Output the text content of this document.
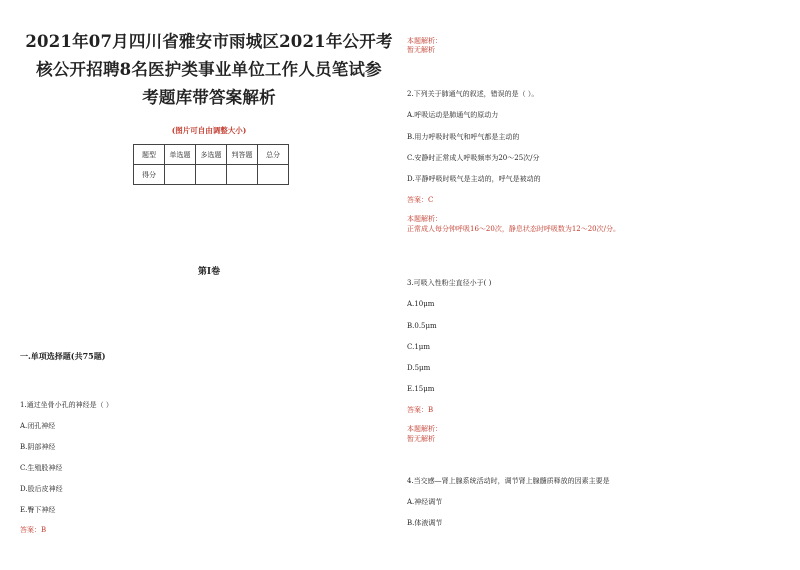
2021年07月四川省雅安市雨城区2021年公开考

核公开招聘8名医护类事业单位工作人员笔试参

考题库带答案解析

(图片可自由调整大小)
题型	单选题	多选题	判答题	总分
得分				
第I卷
一.单项选择题(共75题)
1.通过坐骨小孔的神经是（ ）
A.闭孔神经
B.阴部神经
C.生殖股神经
D.股后皮神经
E.臀下神经
答案：B
本题解析：
暂无解析
2.下列关于肺通气的叙述，错误的是（ ）。
A.呼吸运动是肺通气的原动力
B.用力呼吸时吸气和呼气都是主动的
C.安静时正常成人呼吸频率为20～25次/分
D.平静呼吸时吸气是主动的，呼气是被动的
答案：C
本题解析：
正常成人每分钟呼吸16～20次，静息状态时呼吸数为12～20次/分。
3.可吸入性粉尘直径小于( )
A.10μm
B.0.5μm
C.1μm
D.5μm
E.15μm
答案：B
本题解析：
暂无解析
4.当交感—肾上腺系统活动时，调节肾上腺髓质释放的因素主要是
A.神经调节
B.体液调节
